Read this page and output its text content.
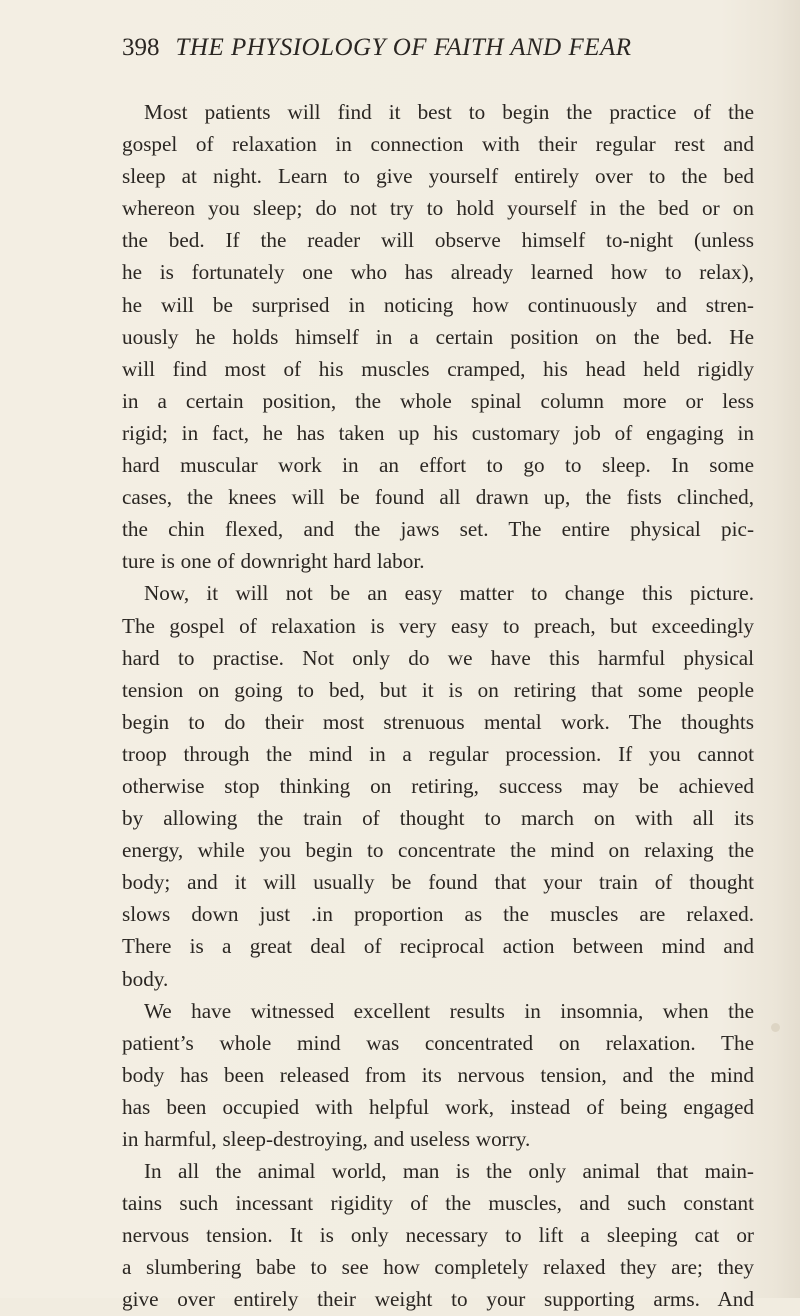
398 THE PHYSIOLOGY OF FAITH AND FEAR
Most patients will find it best to begin the practice of the
gospel of relaxation in connection with their regular rest and
sleep at night. Learn to give yourself entirely over to the bed
whereon you sleep; do not try to hold yourself in the bed or on
the bed. If the reader will observe himself to-night (unless
he is fortunately one who has already learned how to relax),
he will be surprised in noticing how continuously and stren-
uously he holds himself in a certain position on the bed. He
will find most of his muscles cramped, his head held rigidly
in a certain position, the whole spinal column more or less
rigid; in fact, he has taken up his customary job of engaging in
hard muscular work in an effort to go to sleep. In some
cases, the knees will be found all drawn up, the fists clinched,
the chin flexed, and the jaws set. The entire physical pic-
ture is one of downright hard labor.
Now, it will not be an easy matter to change this picture.
The gospel of relaxation is very easy to preach, but exceedingly
hard to practise. Not only do we have this harmful physical
tension on going to bed, but it is on retiring that some people
begin to do their most strenuous mental work. The thoughts
troop through the mind in a regular procession. If you cannot
otherwise stop thinking on retiring, success may be achieved
by allowing the train of thought to march on with all its
energy, while you begin to concentrate the mind on relaxing the
body; and it will usually be found that your train of thought
slows down just .in proportion as the muscles are relaxed.
There is a great deal of reciprocal action between mind and
body.
We have witnessed excellent results in insomnia, when the
patient’s whole mind was concentrated on relaxation. The
body has been released from its nervous tension, and the mind
has been occupied with helpful work, instead of being engaged
in harmful, sleep-destroying, and useless worry.
In all the animal world, man is the only animal that main-
tains such incessant rigidity of the muscles, and such constant
nervous tension. It is only necessary to lift a sleeping cat or
a slumbering babe to see how completely relaxed they are; they
give over entirely their weight to your supporting arms. And
